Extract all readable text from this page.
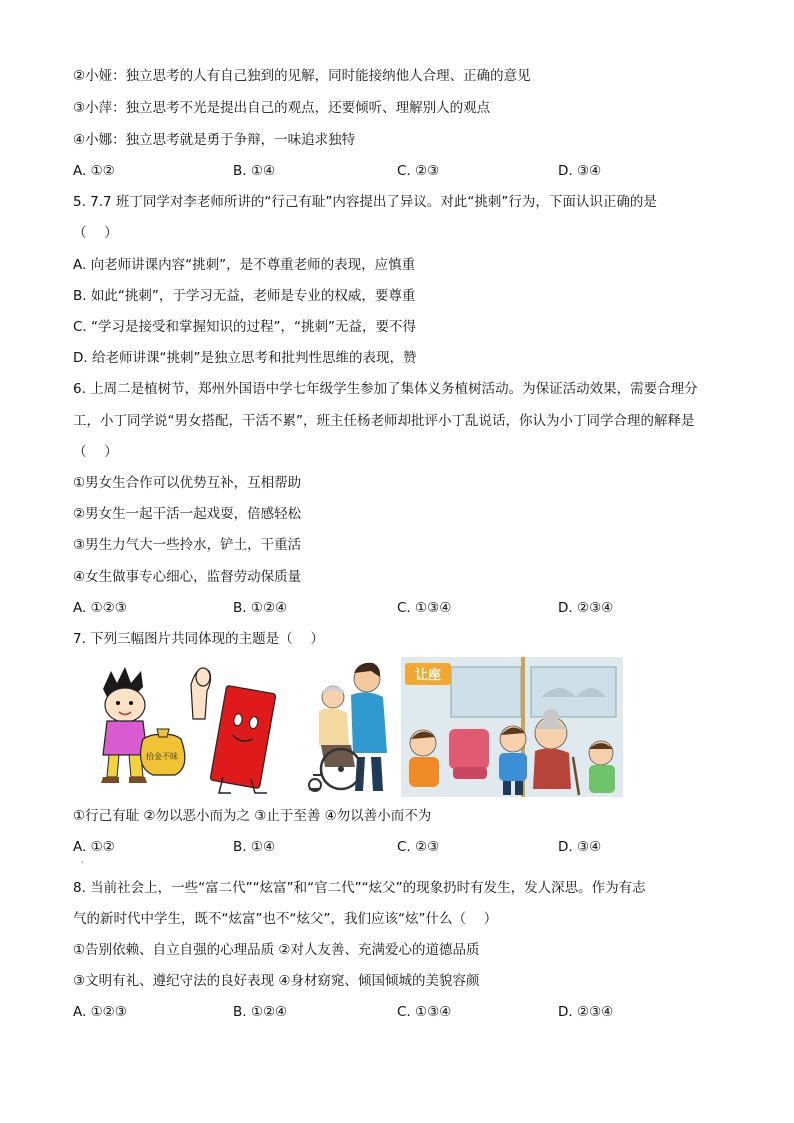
②小娅：独立思考的人有自己独到的见解，同时能接纳他人合理、正确的意见
③小萍：独立思考不光是提出自己的观点，还要倾听、理解别人的观点
④小娜：独立思考就是勇于争辩，一味追求独特
A. ①②	B. ①④	C. ②③	D. ③④
5. 7.7 班丁同学对李老师所讲的“行己有耻”内容提出了异议。对此“挑刺”行为，下面认识正确的是
（　 ）
A. 向老师讲课内容“挑刺”，是不尊重老师的表现，应慎重
B. 如此“挑刺”，于学习无益，老师是专业的权威，要尊重
C. “学习是接受和掌握知识的过程”，“挑刺”无益，要不得
D. 给老师讲课“挑刺”是独立思考和批判性思维的表现，赞
6. 上周二是植树节，郑州外国语中学七年级学生参加了集体义务植树活动。为保证活动效果，需要合理分
工，小丁同学说“男女搭配，干活不累”，班主任杨老师却批评小丁乱说话，你认为小丁同学合理的解释是
（　 ）
①男女生合作可以优势互补，互相帮助
②男女生一起干活一起戏耍，倍感轻松
③男生力气大一些拎水，铲土，干重活
④女生做事专心细心，监督劳动保质量
A. ①②③	B. ①②④	C. ①③④	D. ②③④
7. 下列三幅图片共同体现的主题是（　 ）
拾金不昧
让座
①行己有耻 ②勿以恶小而为之 ③止于至善 ④勿以善小而不为
A. ①②	B. ①④	C. ②③	D. ③④
·
8. 当前社会上，一些“富二代”“炫富”和“官二代”“炫父”的现象扔时有发生，发人深思。作为有志
气的新时代中学生，既不“炫富”也不“炫父”，我们应该“炫”什么（　 ）
①告别依赖、自立自强的心理品质 ②对人友善、充满爱心的道德品质
③文明有礼、遵纪守法的良好表现 ④身材窈窕、倾国倾城的美貌容颜
A. ①②③	B. ①②④	C. ①③④	D. ②③④
